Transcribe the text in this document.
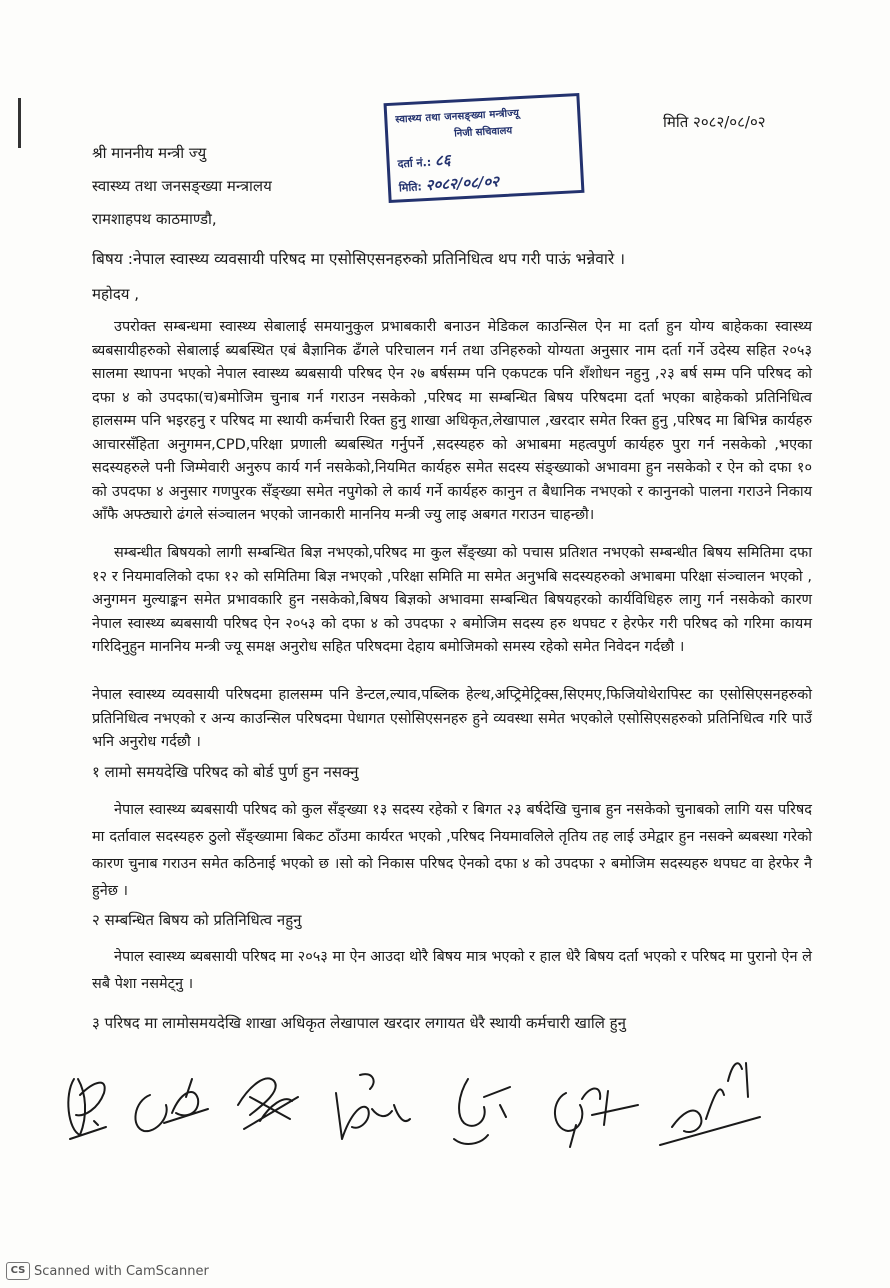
मिति २०८२/०८/०२
स्वास्थ्य तथा जनसङ्ख्या मन्त्रीज्यू
निजी सचिवालय
दर्ता नं.: ८६
मिति: २०८२/०८/०२
श्री माननीय मन्त्री ज्यु
स्वास्थ्य तथा जनसङ्ख्या मन्त्रालय
रामशाहपथ काठमाण्डौ,
बिषय :नेपाल स्वास्थ्य व्यवसायी परिषद मा एसोसिएसनहरुको प्रतिनिधित्व थप गरी पाऊं भन्नेवारे ।
महोदय ,

उपरोक्त सम्बन्धमा स्वास्थ्य सेबालाई समयानुकुल प्रभाबकारी बनाउन मेडिकल काउन्सिल ऐन मा दर्ता हुन योग्य बाहेकका स्वास्थ्य ब्यबसायीहरुको सेबालाई ब्यबस्थित एबं बैज्ञानिक ढँगले परिचालन गर्न तथा उनिहरुको योग्यता अनुसार नाम दर्ता गर्ने उदेस्य सहित २०५३ सालमा स्थापना भएको नेपाल स्वास्थ्य ब्यबसायी परिषद ऐन २७ बर्षसम्म पनि एकपटक पनि शँशोधन नहुनु ,२३ बर्ष सम्म पनि परिषद को दफा ४ को उपदफा(च)बमोजिम चुनाब गर्न गराउन नसकेको ,परिषद मा सम्बन्धित बिषय परिषदमा दर्ता भएका बाहेकको प्रतिनिधित्व हालसम्म पनि भइरहनु र परिषद मा स्थायी कर्मचारी रिक्त हुनु शाखा अधिकृत,लेखापाल ,खरदार समेत रिक्त हुनु ,परिषद मा बिभिन्न कार्यहरु आचारसँहिता अनुगमन,CPD,परिक्षा प्रणाली ब्यबस्थित गर्नुपर्ने ,सदस्यहरु को अभाबमा महत्वपुर्ण कार्यहरु पुरा गर्न नसकेको ,भएका सदस्यहरुले पनी जिम्मेवारी अनुरुप कार्य गर्न नसकेको,नियमित कार्यहरु समेत सदस्य संङ्ख्याको अभावमा हुन नसकेको र ऐन को दफा १० को उपदफा ४ अनुसार गणपुरक सँङ्ख्या समेत नपुगेको ले कार्य गर्ने कार्यहरु कानुन त बैधानिक नभएको र कानुनको पालना गराउने निकाय आँफै अफ्ठ्यारो ढंगले संञ्चालन भएको जानकारी माननिय मन्त्री ज्यु लाइ अबगत गराउन चाहन्छौ।

सम्बन्धीत बिषयको लागी सम्बन्धित बिज्ञ नभएको,परिषद मा कुल सँङ्ख्या को पचास प्रतिशत नभएको सम्बन्धीत बिषय समितिमा दफा १२ र नियमावलिको दफा १२ को समितिमा बिज्ञ नभएको ,परिक्षा समिति मा समेत अनुभबि सदस्यहरुको अभाबमा परिक्षा संञ्चालन भएको , अनुगमन मुल्याङ्कन समेत प्रभावकारि हुन नसकेको,बिषय बिज्ञको अभावमा सम्बन्धित बिषयहरको कार्यविधिहरु लागु गर्न नसकेको कारण नेपाल स्वास्थ्य ब्यबसायी परिषद ऐन २०५३ को दफा ४ को उपदफा २ बमोजिम सदस्य हरु थपघट र हेरफेर गरी परिषद को गरिमा कायम गरिदिनुहुन माननिय मन्त्री ज्यू समक्ष अनुरोध सहित परिषदमा देहाय बमोजिमको समस्य रहेको समेत निवेदन गर्दछौ ।

नेपाल स्वास्थ्य व्यवसायी परिषदमा हालसम्म पनि डेन्टल,ल्याव,पब्लिक हेल्थ,अप्ट्रिमेट्रिक्स,सिएमए,फिजियोथेरापिस्ट का एसोसिएसनहरुको प्रतिनिधित्व नभएको र अन्य काउन्सिल परिषदमा पेधागत एसोसिएसनहरु हुने व्यवस्था समेत भएकोले एसोसिएसहरुको प्रतिनिधित्व गरि पाउँ भनि अनुरोध गर्दछौ ।

१ लामो समयदेखि परिषद को बोर्ड पुर्ण हुन नसक्नु

नेपाल स्वास्थ्य ब्यबसायी परिषद को कुल सँङ्ख्या १३ सदस्य रहेको र बिगत २३ बर्षदेखि चुनाब हुन नसकेको चुनाबको लागि यस परिषद मा दर्तावाल सदस्यहरु ठुलो सँङ्ख्यामा बिकट ठाँउमा कार्यरत भएको ,परिषद नियमावलिले तृतिय तह लाई उमेद्वार हुन नसक्ने ब्यबस्था गरेको कारण चुनाब गराउन समेत कठिनाई भएको छ ।सो को निकास परिषद ऐनको दफा ४ को उपदफा २ बमोजिम सदस्यहरु थपघट वा हेरफेर नै हुनेछ ।

२ सम्बन्धित बिषय को प्रतिनिधित्व नहुनु

नेपाल स्वास्थ्य ब्यबसायी परिषद मा २०५३ मा ऐन आउदा थोरै बिषय मात्र भएको र हाल धेरै बिषय दर्ता भएको र परिषद मा पुरानो ऐन ले सबै पेशा नसमेट्नु ।

३ परिषद मा लामोसमयदेखि शाखा अधिकृत लेखापाल खरदार लगायत धेरै स्थायी कर्मचारी खालि हुनु
CS Scanned with CamScanner
